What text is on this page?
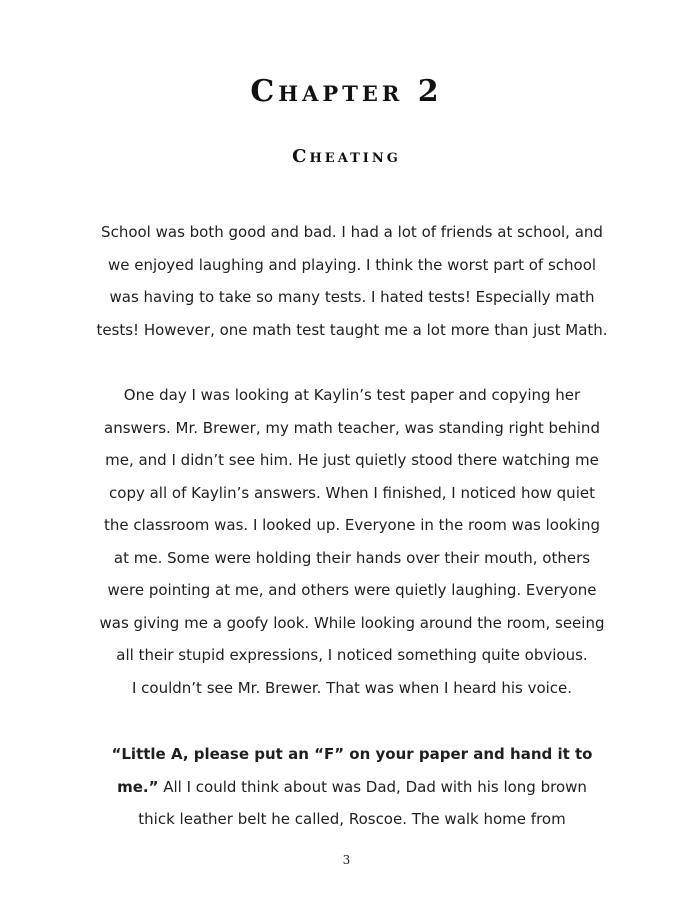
Chapter 2
Cheating

School was both good and bad. I had a lot of friends at school, and
we enjoyed laughing and playing. I think the worst part of school
was having to take so many tests. I hated tests! Especially math
tests! However, one math test taught me a lot more than just Math.

One day I was looking at Kaylin’s test paper and copying her
answers. Mr. Brewer, my math teacher, was standing right behind
me, and I didn’t see him. He just quietly stood there watching me
copy all of Kaylin’s answers. When I finished, I noticed how quiet
the classroom was. I looked up. Everyone in the room was looking
at me. Some were holding their hands over their mouth, others
were pointing at me, and others were quietly laughing. Everyone
was giving me a goofy look. While looking around the room, seeing
all their stupid expressions, I noticed something quite obvious.
I couldn’t see Mr. Brewer. That was when I heard his voice.

“Little A, please put an “F” on your paper and hand it to
me.” All I could think about was Dad, Dad with his long brown
thick leather belt he called, Roscoe. The walk home from

3
